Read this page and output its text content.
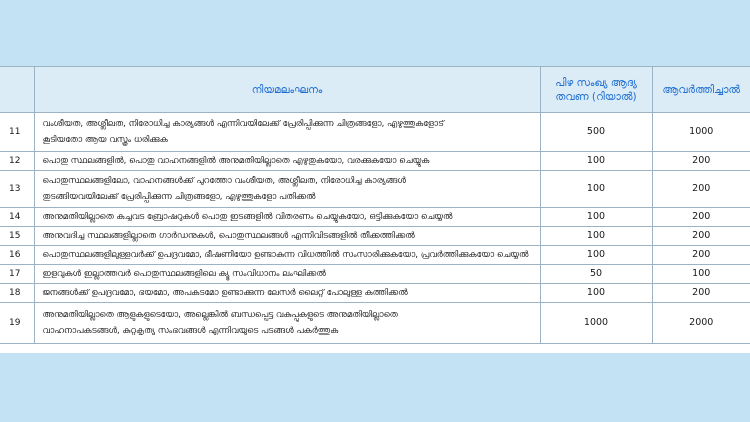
	നിയമലംഘനം	പിഴ സംഖ്യ ആദ്യ തവണ (റിയാൽ)	ആവർത്തിച്ചാൽ
11	വംശീയത, അശ്ലീലത, നിരോധിച്ച കാര്യങ്ങൾ എന്നിവയിലേക്ക് പ്രേരിപ്പിക്കുന്ന ചിത്രങ്ങളോ, എഴുത്തുകളോട്
കൂടിയതോ ആയ വസ്ത്രം ധരിക്കുക	500	1000
12	പൊതു സ്ഥലങ്ങളിൽ, പൊതു വാഹനങ്ങളിൽ അനുമതിയില്ലാതെ എഴുതുകയോ, വരക്കുകയോ ചെയ്യുക	100	200
13	പൊതുസ്ഥലങ്ങളിലോ, വാഹനങ്ങൾക്ക് പുറത്തോ വംശീയത, അശ്ലീലത, നിരോധിച്ച കാര്യങ്ങൾ
തുടങ്ങിയവയിലേക്ക് പ്രേരിപ്പിക്കുന്ന ചിത്രങ്ങളോ, എഴുത്തുകളോ പതിക്കൽ	100	200
14	അനുമതിയില്ലാതെ കച്ചവട ബ്രോഷറുകൾ പൊതു ഇടങ്ങളിൽ വിതരണം ചെയ്യുകയോ, ഒട്ടിക്കുകയോ ചെയ്യൽ	100	200
15	അനുവദിച്ച സ്ഥലങ്ങളില്ലാതെ ഗാർഡനുകൾ, പൊതുസ്ഥലങ്ങൾ എന്നിവിടങ്ങളിൽ തീക്കത്തിക്കൽ	100	200
16	പൊതുസ്ഥലങ്ങളിലുള്ളവർക്ക് ഉപദ്രവമോ, ഭീഷണിയോ ഉണ്ടാകുന്ന വിധത്തിൽ സംസാരിക്കുകയോ, പ്രവർത്തിക്കുകയോ ചെയ്യൽ	100	200
17	ഇളവുകൾ ഇല്ലാത്തവർ പൊതുസ്ഥലങ്ങളിലെ ക്യൂ സംവിധാനം ലംഘിക്കൽ	50	100
18	ജനങ്ങൾക്ക് ഉപദ്രവമോ, ഭയമോ, അപകടമോ ഉണ്ടാക്കുന്ന ലേസർ ലൈറ്റ് പോലുള്ള കത്തിക്കൽ	100	200
19	അനുമതിയില്ലാതെ ആളുകളുടെയോ, അല്ലെങ്കിൽ ബന്ധപ്പെട്ട വകുപ്പുകളുടെ അനുമതിയില്ലാതെ
വാഹനാപകടങ്ങൾ, കുറ്റകൃത്യ സംഭവങ്ങൾ എന്നിവയുടെ പടങ്ങൾ പകർത്തുക	1000	2000
